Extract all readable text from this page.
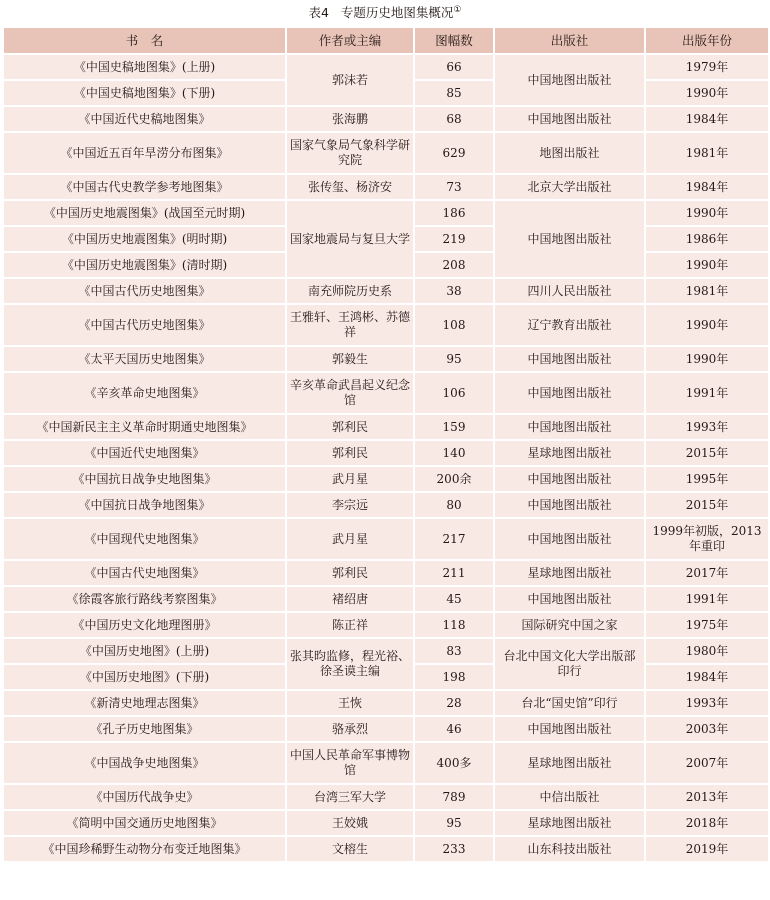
表4 专题历史地图集概况①
书　名	作者或主编	图幅数	出版社	出版年份
《中国史稿地图集》(上册)	郭沫若	66	中国地图出版社	1979年
《中国史稿地图集》(下册)		85		1990年
《中国近代史稿地图集》	张海鹏	68	中国地图出版社	1984年
《中国近五百年旱涝分布图集》	国家气象局气象科学研究院	629	地图出版社	1981年
《中国古代史教学参考地图集》	张传玺、杨济安	73	北京大学出版社	1984年
《中国历史地震图集》(战国至元时期)	国家地震局与复旦大学	186	中国地图出版社	1990年
《中国历史地震图集》(明时期)		219		1986年
《中国历史地震图集》(清时期)		208		1990年
《中国古代历史地图集》	南充师院历史系	38	四川人民出版社	1981年
《中国古代历史地图集》	王雅轩、王鸿彬、苏德祥	108	辽宁教育出版社	1990年
《太平天国历史地图集》	郭毅生	95	中国地图出版社	1990年
《辛亥革命史地图集》	辛亥革命武昌起义纪念馆	106	中国地图出版社	1991年
《中国新民主主义革命时期通史地图集》	郭利民	159	中国地图出版社	1993年
《中国近代史地图集》	郭利民	140	星球地图出版社	2015年
《中国抗日战争史地图集》	武月星	200余	中国地图出版社	1995年
《中国抗日战争地图集》	李宗远	80	中国地图出版社	2015年
《中国现代史地图集》	武月星	217	中国地图出版社	1999年初版，2013年重印
《中国古代史地图集》	郭利民	211	星球地图出版社	2017年
《徐霞客旅行路线考察图集》	褚绍唐	45	中国地图出版社	1991年
《中国历史文化地理图册》	陈正祥	118	国际研究中国之家	1975年
《中国历史地图》(上册)	张其昀监修，程光裕、徐圣谟主编	83	台北中国文化大学出版部印行	1980年
《中国历史地图》(下册)		198		1984年
《新清史地理志图集》	王恢	28	台北“国史馆”印行	1993年
《孔子历史地图集》	骆承烈	46	中国地图出版社	2003年
《中国战争史地图集》	中国人民革命军事博物馆	400多	星球地图出版社	2007年
《中国历代战争史》	台湾三军大学	789	中信出版社	2013年
《简明中国交通历史地图集》	王姣娥	95	星球地图出版社	2018年
《中国珍稀野生动物分布变迁地图集》	文榕生	233	山东科技出版社	2019年
